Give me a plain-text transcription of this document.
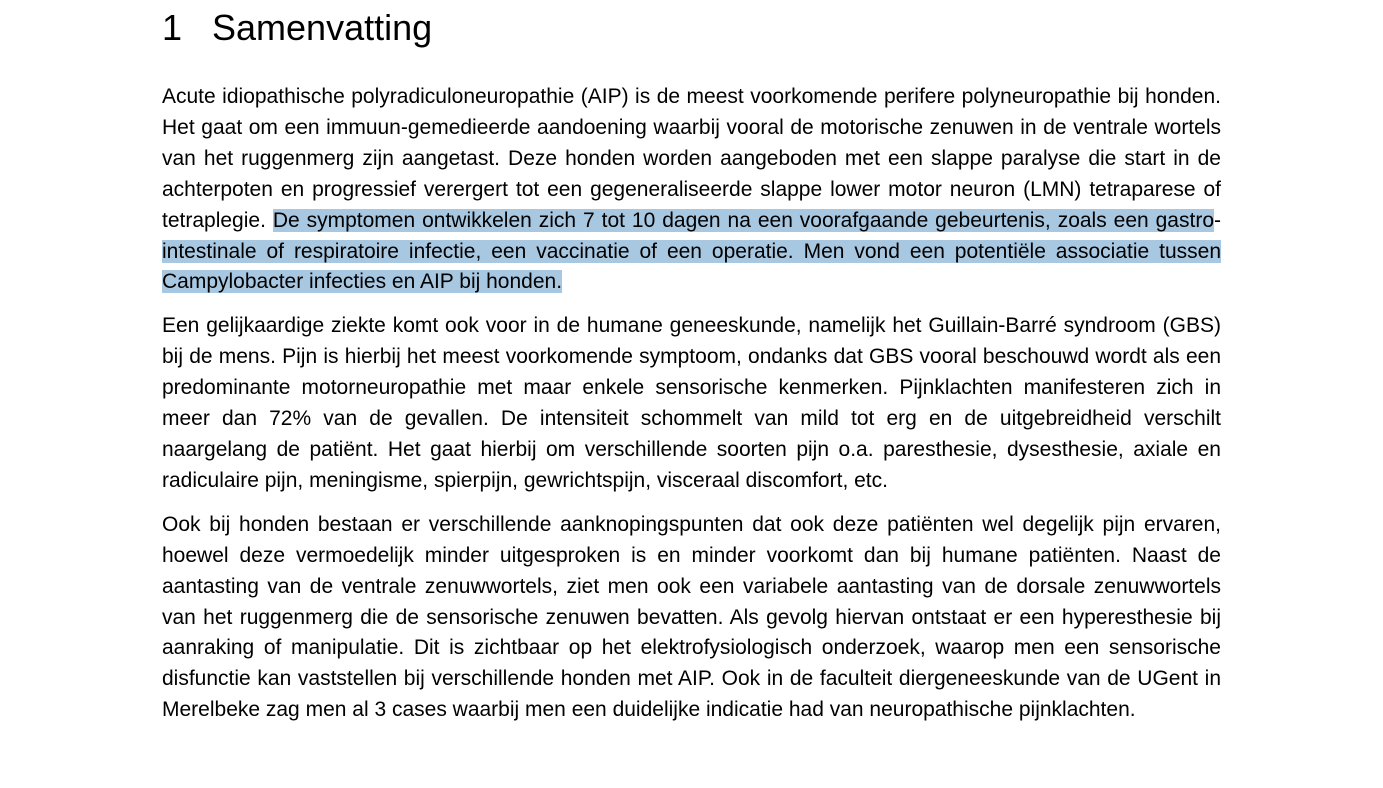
1 Samenvatting

Acute idiopathische polyradiculoneuropathie (AIP) is de meest voorkomende perifere polyneuropathie bij honden. Het gaat om een immuun-gemedieerde aandoening waarbij vooral de motorische zenuwen in de ventrale wortels van het ruggenmerg zijn aangetast. Deze honden worden aangeboden met een slappe paralyse die start in de achterpoten en progressief verergert tot een gegeneraliseerde slappe lower motor neuron (LMN) tetraparese of tetraplegie. De symptomen ontwikkelen zich 7 tot 10 dagen na een voorafgaande gebeurtenis, zoals een gastro-intestinale of respiratoire infectie, een vaccinatie of een operatie. Men vond een potentiële associatie tussen Campylobacter infecties en AIP bij honden.

Een gelijkaardige ziekte komt ook voor in de humane geneeskunde, namelijk het Guillain-Barré syndroom (GBS) bij de mens. Pijn is hierbij het meest voorkomende symptoom, ondanks dat GBS vooral beschouwd wordt als een predominante motorneuropathie met maar enkele sensorische kenmerken. Pijnklachten manifesteren zich in meer dan 72% van de gevallen. De intensiteit schommelt van mild tot erg en de uitgebreidheid verschilt naargelang de patiënt. Het gaat hierbij om verschillende soorten pijn o.a. paresthesie, dysesthesie, axiale en radiculaire pijn, meningisme, spierpijn, gewrichtspijn, visceraal discomfort, etc.

Ook bij honden bestaan er verschillende aanknopingspunten dat ook deze patiënten wel degelijk pijn ervaren, hoewel deze vermoedelijk minder uitgesproken is en minder voorkomt dan bij humane patiënten. Naast de aantasting van de ventrale zenuwwortels, ziet men ook een variabele aantasting van de dorsale zenuwwortels van het ruggenmerg die de sensorische zenuwen bevatten. Als gevolg hiervan ontstaat er een hyperesthesie bij aanraking of manipulatie. Dit is zichtbaar op het elektrofysiologisch onderzoek, waarop men een sensorische disfunctie kan vaststellen bij verschillende honden met AIP. Ook in de faculteit diergeneeskunde van de UGent in Merelbeke zag men al 3 cases waarbij men een duidelijke indicatie had van neuropathische pijnklachten.
